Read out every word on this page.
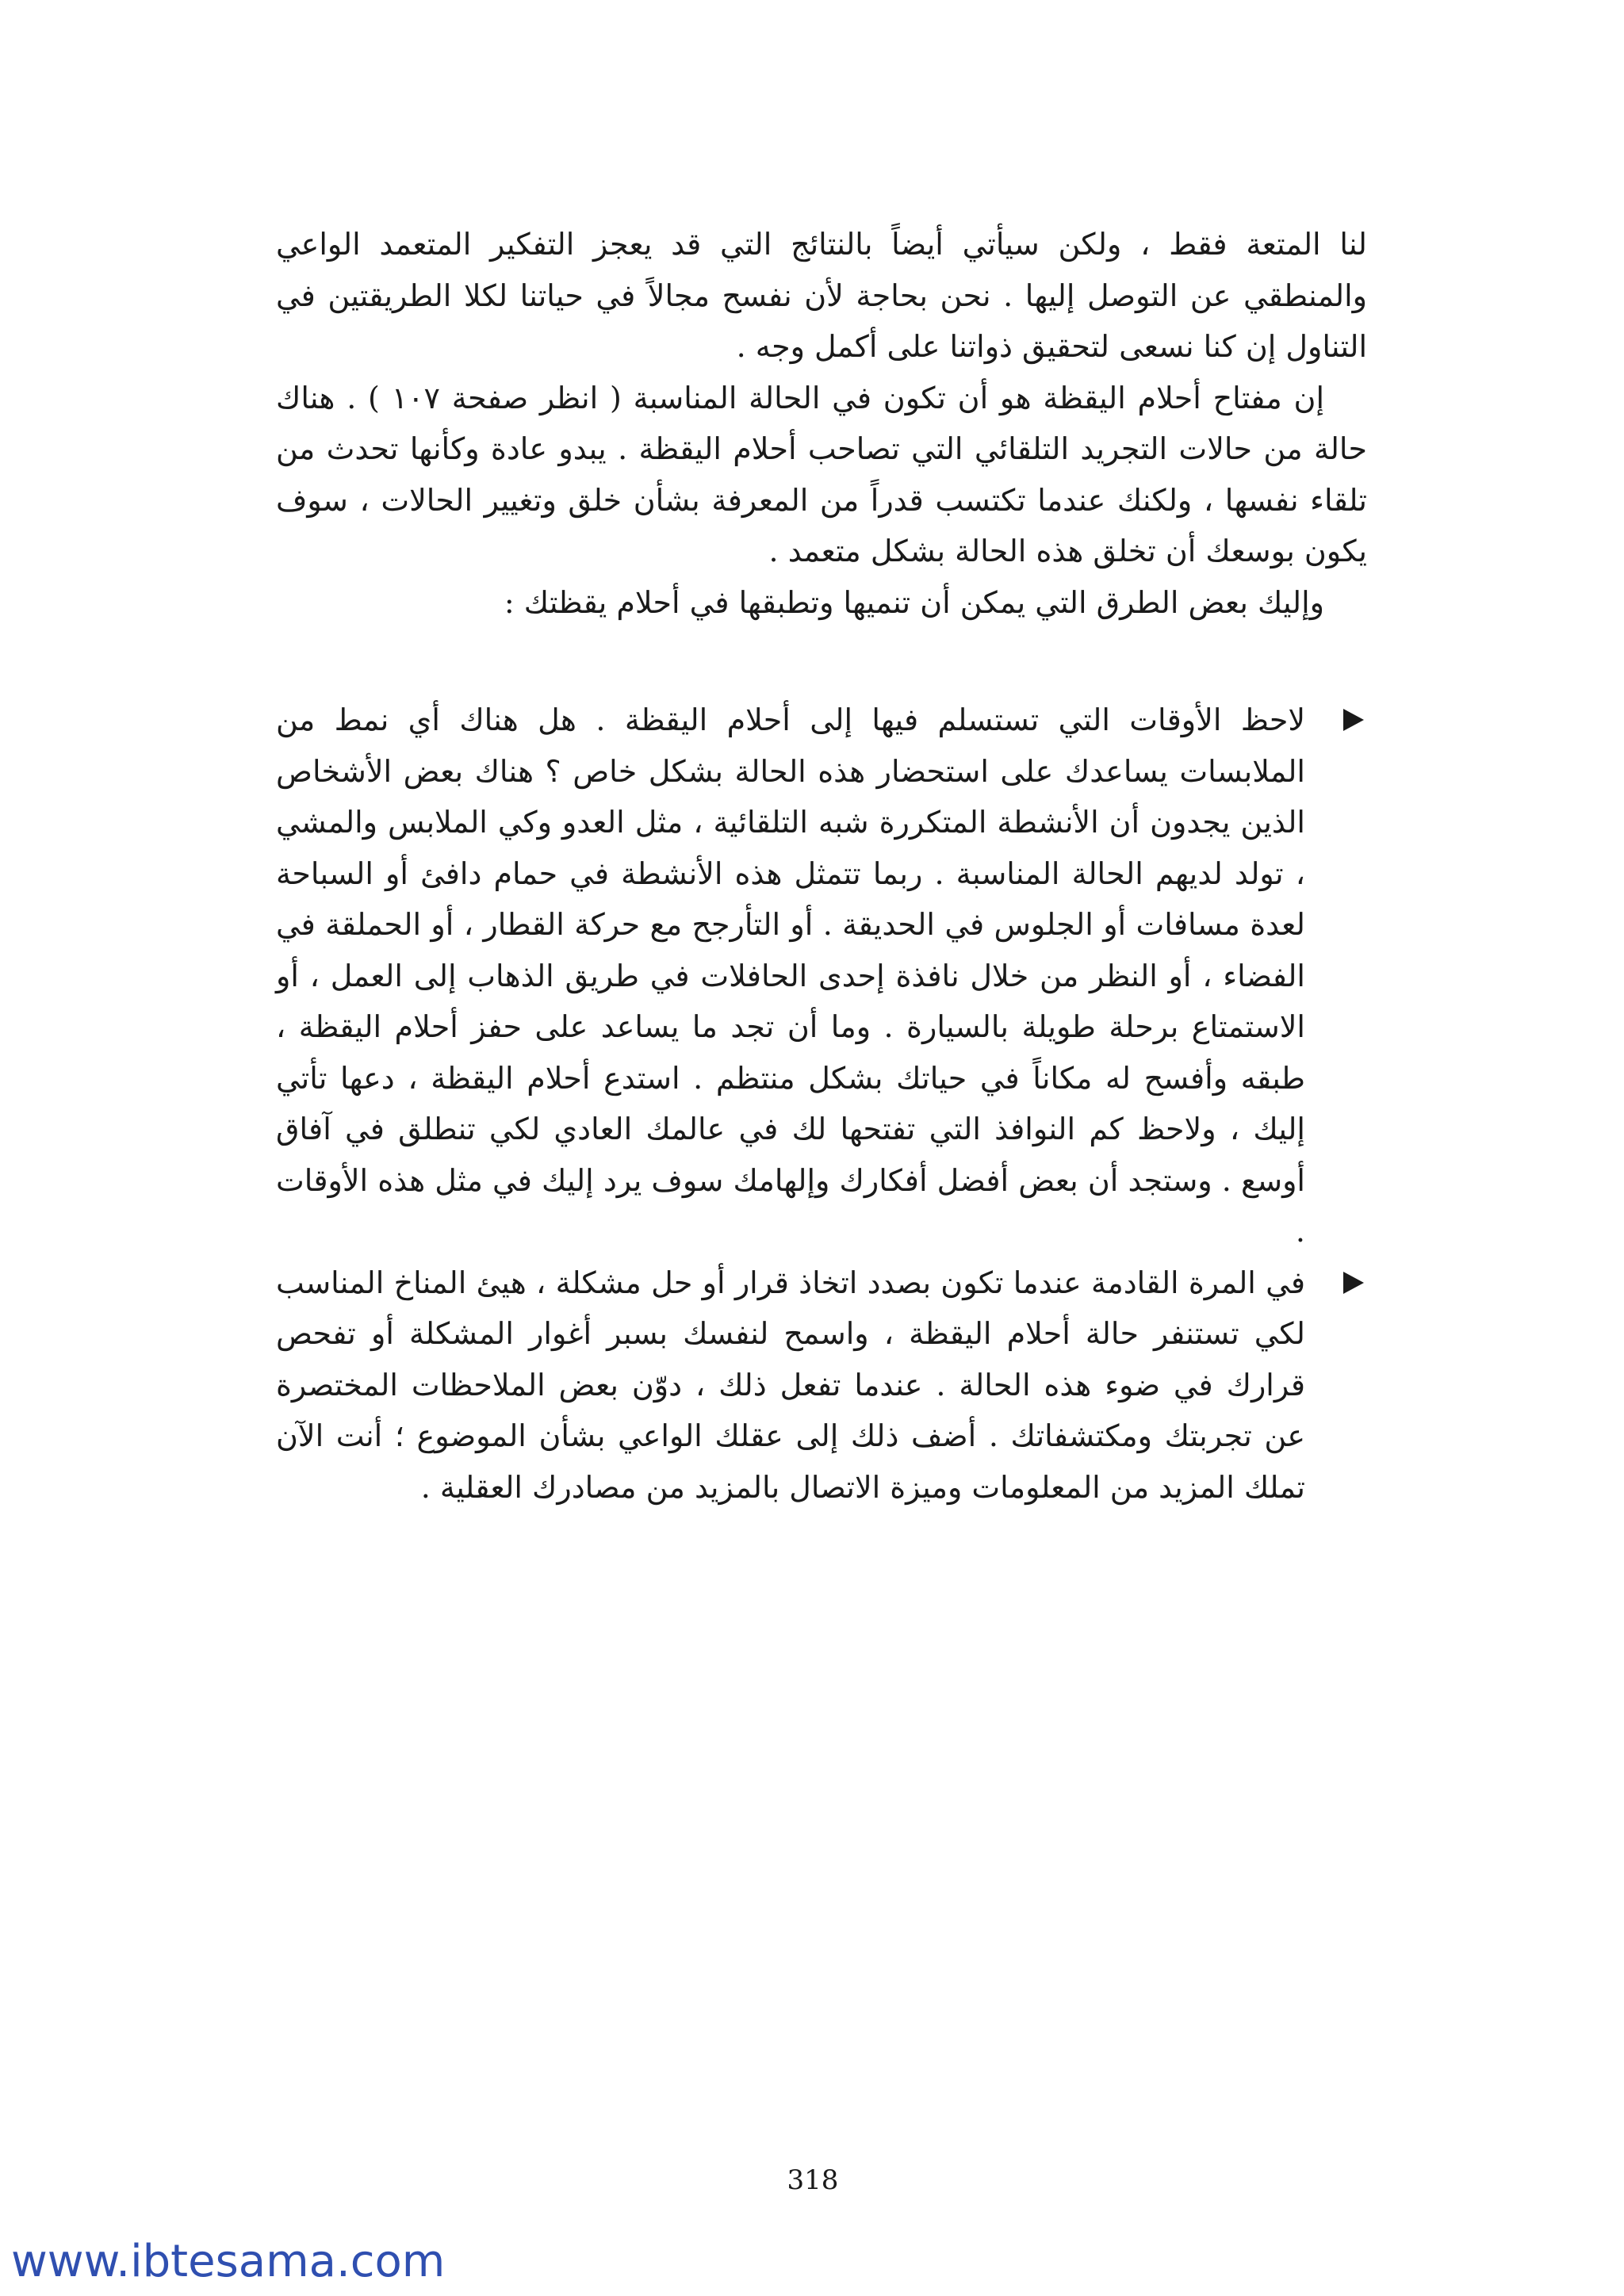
لنا المتعة فقط ، ولكن سيأتي أيضاً بالنتائج التي قد يعجز التفكير المتعمد الواعي والمنطقي عن التوصل إليها . نحن بحاجة لأن نفسح مجالاً في حياتنا لكلا الطريقتين في التناول إن كنا نسعى لتحقيق ذواتنا على أكمل وجه .

إن مفتاح أحلام اليقظة هو أن تكون في الحالة المناسبة ( انظر صفحة ١٠٧ ) . هناك حالة من حالات التجريد التلقائي التي تصاحب أحلام اليقظة . يبدو عادة وكأنها تحدث من تلقاء نفسها ، ولكنك عندما تكتسب قدراً من المعرفة بشأن خلق وتغيير الحالات ، سوف يكون بوسعك أن تخلق هذه الحالة بشكل متعمد .

وإليك بعض الطرق التي يمكن أن تنميها وتطبقها في أحلام يقظتك :

لاحظ الأوقات التي تستسلم فيها إلى أحلام اليقظة . هل هناك أي نمط من الملابسات يساعدك على استحضار هذه الحالة بشكل خاص ؟ هناك بعض الأشخاص الذين يجدون أن الأنشطة المتكررة شبه التلقائية ، مثل العدو وكي الملابس والمشي ، تولد لديهم الحالة المناسبة . ربما تتمثل هذه الأنشطة في حمام دافئ أو السباحة لعدة مسافات أو الجلوس في الحديقة . أو التأرجح مع حركة القطار ، أو الحملقة في الفضاء ، أو النظر من خلال نافذة إحدى الحافلات في طريق الذهاب إلى العمل ، أو الاستمتاع برحلة طويلة بالسيارة . وما أن تجد ما يساعد على حفز أحلام اليقظة ، طبقه وأفسح له مكاناً في حياتك بشكل منتظم . استدع أحلام اليقظة ، دعها تأتي إليك ، ولاحظ كم النوافذ التي تفتحها لك في عالمك العادي لكي تنطلق في آفاق أوسع . وستجد أن بعض أفضل أفكارك وإلهامك سوف يرد إليك في مثل هذه الأوقات .
في المرة القادمة عندما تكون بصدد اتخاذ قرار أو حل مشكلة ، هيئ المناخ المناسب لكي تستنفر حالة أحلام اليقظة ، واسمح لنفسك بسبر أغوار المشكلة أو تفحص قرارك في ضوء هذه الحالة . عندما تفعل ذلك ، دوّن بعض الملاحظات المختصرة عن تجربتك ومكتشفاتك . أضف ذلك إلى عقلك الواعي بشأن الموضوع ؛ أنت الآن تملك المزيد من المعلومات وميزة الاتصال بالمزيد من مصادرك العقلية .
318
www.ibtesama.com
